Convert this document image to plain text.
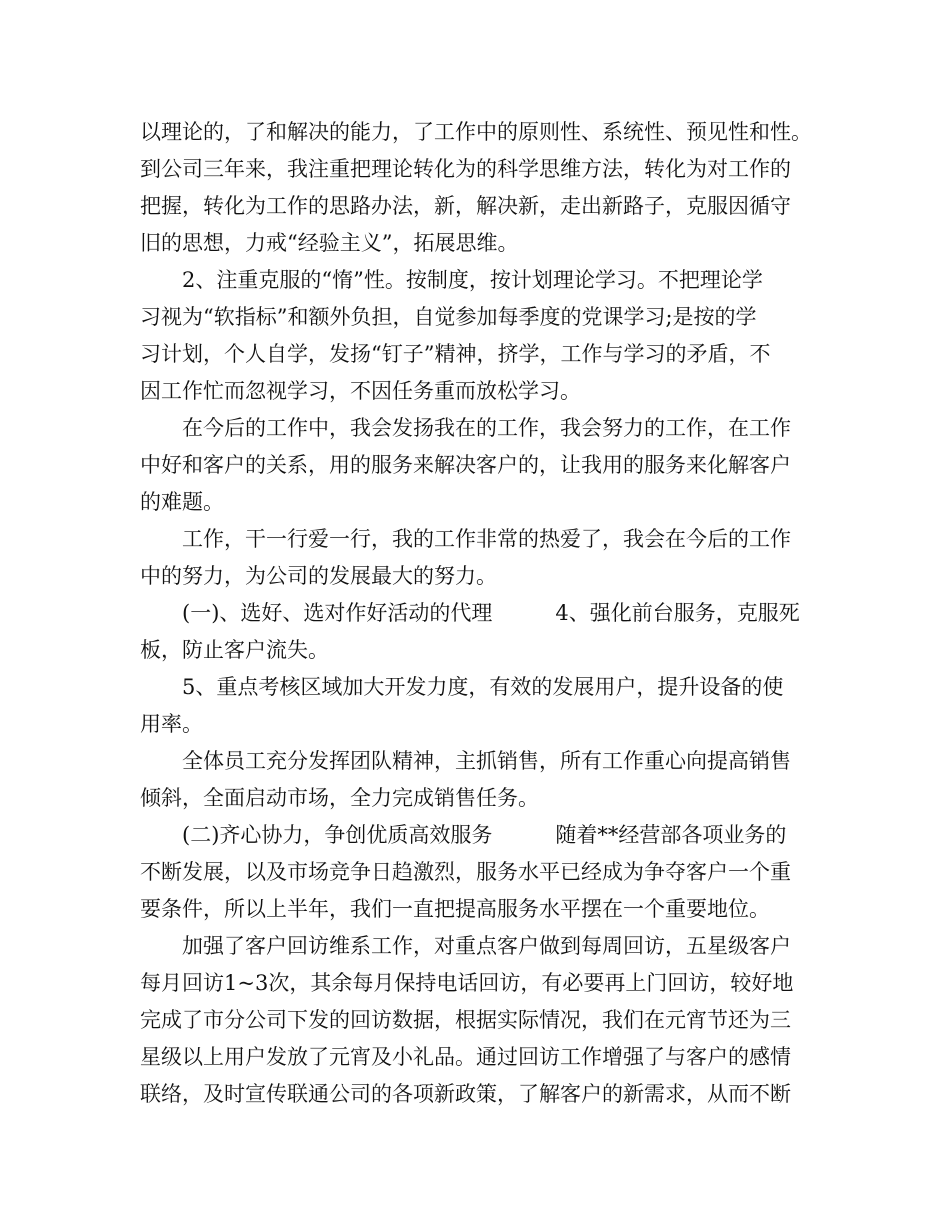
以理论的，了和解决的能力，了工作中的原则性、系统性、预见性和性。

到公司三年来，我注重把理论转化为的科学思维方法，转化为对工作的

把握，转化为工作的思路办法，新，解决新，走出新路子，克服因循守

旧的思想，力戒“经验主义”，拓展思维。

2、注重克服的“惰”性。按制度，按计划理论学习。不把理论学

习视为“软指标”和额外负担，自觉参加每季度的党课学习;是按的学

习计划，个人自学，发扬“钉子”精神，挤学，工作与学习的矛盾，不

因工作忙而忽视学习，不因任务重而放松学习。

在今后的工作中，我会发扬我在的工作，我会努力的工作，在工作

中好和客户的关系，用的服务来解决客户的，让我用的服务来化解客户

的难题。

工作，干一行爱一行，我的工作非常的热爱了，我会在今后的工作

中的努力，为公司的发展最大的努力。

(一)、选好、选对作好活动的代理　　　4、强化前台服务，克服死

板，防止客户流失。

5、重点考核区域加大开发力度，有效的发展用户，提升设备的使

用率。

全体员工充分发挥团队精神，主抓销售，所有工作重心向提高销售

倾斜，全面启动市场，全力完成销售任务。

(二)齐心协力，争创优质高效服务　　　随着**经营部各项业务的

不断发展，以及市场竞争日趋激烈，服务水平已经成为争夺客户一个重

要条件，所以上半年，我们一直把提高服务水平摆在一个重要地位。

加强了客户回访维系工作，对重点客户做到每周回访，五星级客户

每月回访1~3次，其余每月保持电话回访，有必要再上门回访，较好地

完成了市分公司下发的回访数据，根据实际情况，我们在元宵节还为三

星级以上用户发放了元宵及小礼品。通过回访工作增强了与客户的感情

联络，及时宣传联通公司的各项新政策，了解客户的新需求，从而不断
